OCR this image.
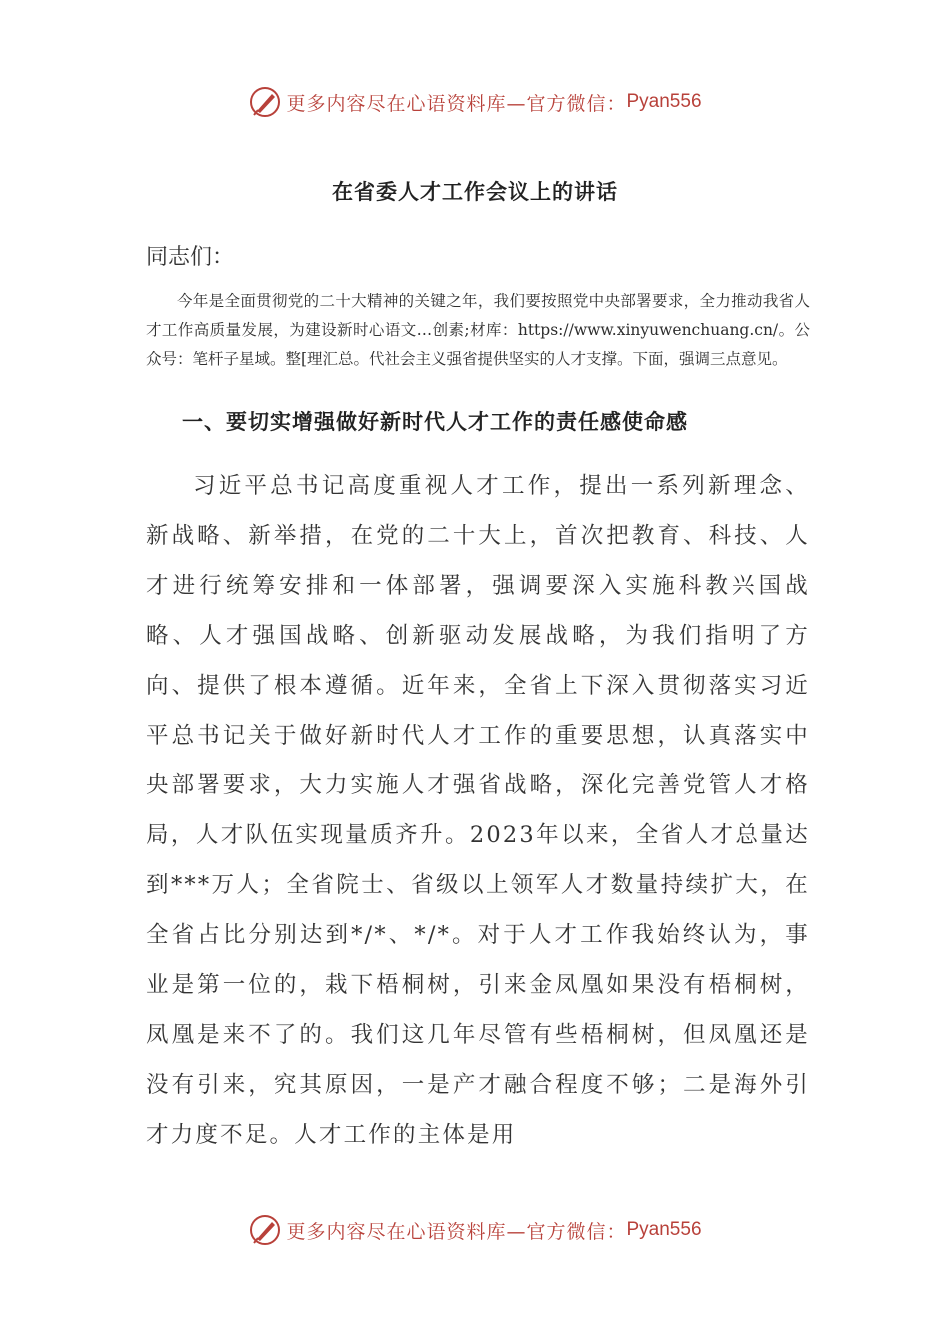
更多内容尽在心语资料库—官方微信： Pyan556
在省委人才工作会议上的讲话
同志们：
今年是全面贯彻党的二十大精神的关键之年，我们要按照党中央部署要求，全力推动我省人才工作高质量发展，为建设新时心语文…创素;材库：https://www.xinyuwenchuang.cn/。公众号：笔杆子星域。整[理汇总。代社会主义强省提供坚实的人才支撑。下面，强调三点意见。
一、要切实增强做好新时代人才工作的责任感使命感
习近平总书记高度重视人才工作，提出一系列新理念、新战略、新举措，在党的二十大上，首次把教育、科技、人才进行统筹安排和一体部署，强调要深入实施科教兴国战略、人才强国战略、创新驱动发展战略，为我们指明了方向、提供了根本遵循。近年来，全省上下深入贯彻落实习近平总书记关于做好新时代人才工作的重要思想，认真落实中央部署要求，大力实施人才强省战略，深化完善党管人才格局，人才队伍实现量质齐升。2023年以来，全省人才总量达到***万人；全省院士、省级以上领军人才数量持续扩大，在全省占比分别达到*/*、*/*。对于人才工作我始终认为，事业是第一位的，栽下梧桐树，引来金凤凰如果没有梧桐树，凤凰是来不了的。我们这几年尽管有些梧桐树，但凤凰还是没有引来，究其原因，一是产才融合程度不够；二是海外引才力度不足。人才工作的主体是用
更多内容尽在心语资料库—官方微信： Pyan556
